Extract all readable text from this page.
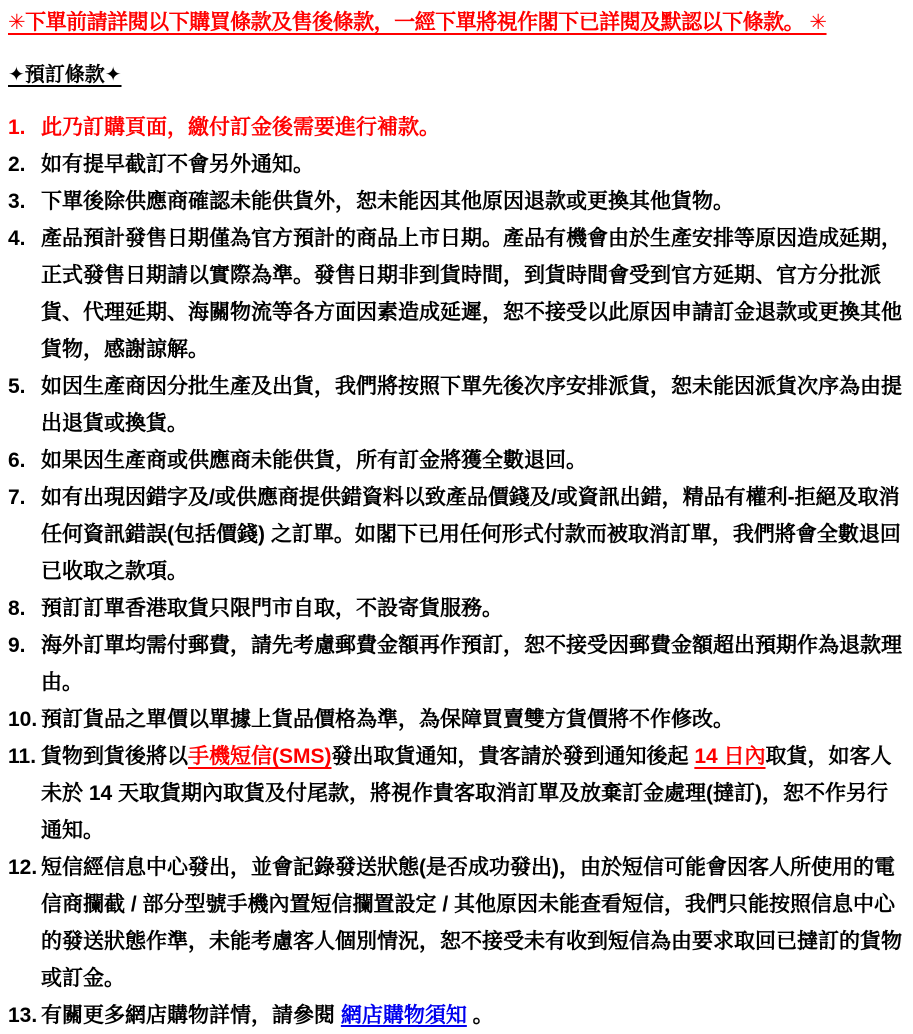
✳下單前請詳閱以下購買條款及售後條款，一經下單將視作閣下已詳閱及默認以下條款。 ✳
✦預訂條款✦
1. 此乃訂購頁面，繳付訂金後需要進行補款。
2. 如有提早截訂不會另外通知。
3. 下單後除供應商確認未能供貨外，恕未能因其他原因退款或更換其他貨物。
4. 產品預計發售日期僅為官方預計的商品上市日期。產品有機會由於生產安排等原因造成延期，正式發售日期請以實際為準。發售日期非到貨時間，到貨時間會受到官方延期、官方分批派貨、代理延期、海關物流等各方面因素造成延遲，恕不接受以此原因申請訂金退款或更換其他貨物，感謝諒解。
5. 如因生產商因分批生產及出貨，我們將按照下單先後次序安排派貨，恕未能因派貨次序為由提出退貨或換貨。
6. 如果因生產商或供應商未能供貨，所有訂金將獲全數退回。
7. 如有出現因錯字及/或供應商提供錯資料以致產品價錢及/或資訊出錯，精品有權利-拒絕及取消任何資訊錯誤(包括價錢) 之訂單。如閣下已用任何形式付款而被取消訂單，我們將會全數退回已收取之款項。
8. 預訂訂單香港取貨只限門市自取，不設寄貨服務。
9. 海外訂單均需付郵費，請先考慮郵費金額再作預訂，恕不接受因郵費金額超出預期作為退款理由。
10. 預訂貨品之單價以單據上貨品價格為準，為保障買賣雙方貨價將不作修改。
11. 貨物到貨後將以手機短信(SMS)發出取貨通知，貴客請於發到通知後起 14 日內取貨，如客人未於 14 天取貨期內取貨及付尾款，將視作貴客取消訂單及放棄訂金處理(撻訂)，恕不作另行通知。
12. 短信經信息中心發出，並會記錄發送狀態(是否成功發出)，由於短信可能會因客人所使用的電信商攔截 / 部分型號手機內置短信攔置設定 / 其他原因未能查看短信，我們只能按照信息中心的發送狀態作準，未能考慮客人個別情況，恕不接受未有收到短信為由要求取回已撻訂的貨物或訂金。
13. 有關更多網店購物詳情，請參閱 網店購物須知 。
